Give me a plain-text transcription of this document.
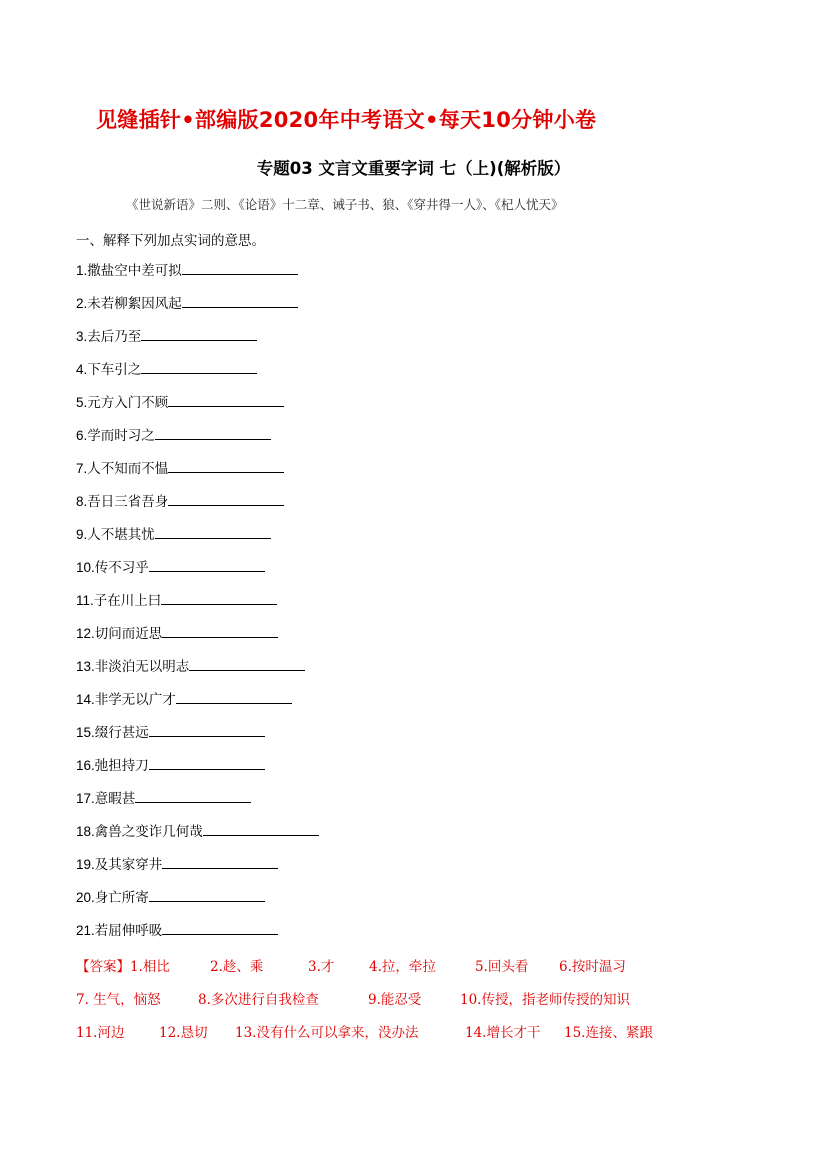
见缝插针•部编版2020年中考语文•每天10分钟小卷
专题03 文言文重要字词 七（上)(解析版）
《世说新语》二则、《论语》十二章、诫子书、狼、《穿井得一人》、《杞人忧天》
一、解释下列加点实词的意思。
1.撒盐空中差可拟
2.未若柳絮因风起
3.去后乃至
4.下车引之
5.元方入门不顾
6.学而时习之
7.人不知而不愠
8.吾日三省吾身
9.人不堪其忧
10.传不习乎
11.子在川上曰
12.切问而近思
13.非淡泊无以明志
14.非学无以广才
15.缀行甚远
16.弛担持刀
17.意暇甚
18.禽兽之变诈几何哉
19.及其家穿井
20.身亡所寄
21.若屈伸呼吸
【答案】1.相比	2.趁、乘	3.才	4.拉，牵拉	5.回头看 6.按时温习
7. 生气，恼怒	8.多次进行自我检查	9.能忍受	10.传授，指老师传授的知识
11.河边	12.恳切 13.没有什么可以拿来，没办法	14.增长才干 15.连接、紧跟
